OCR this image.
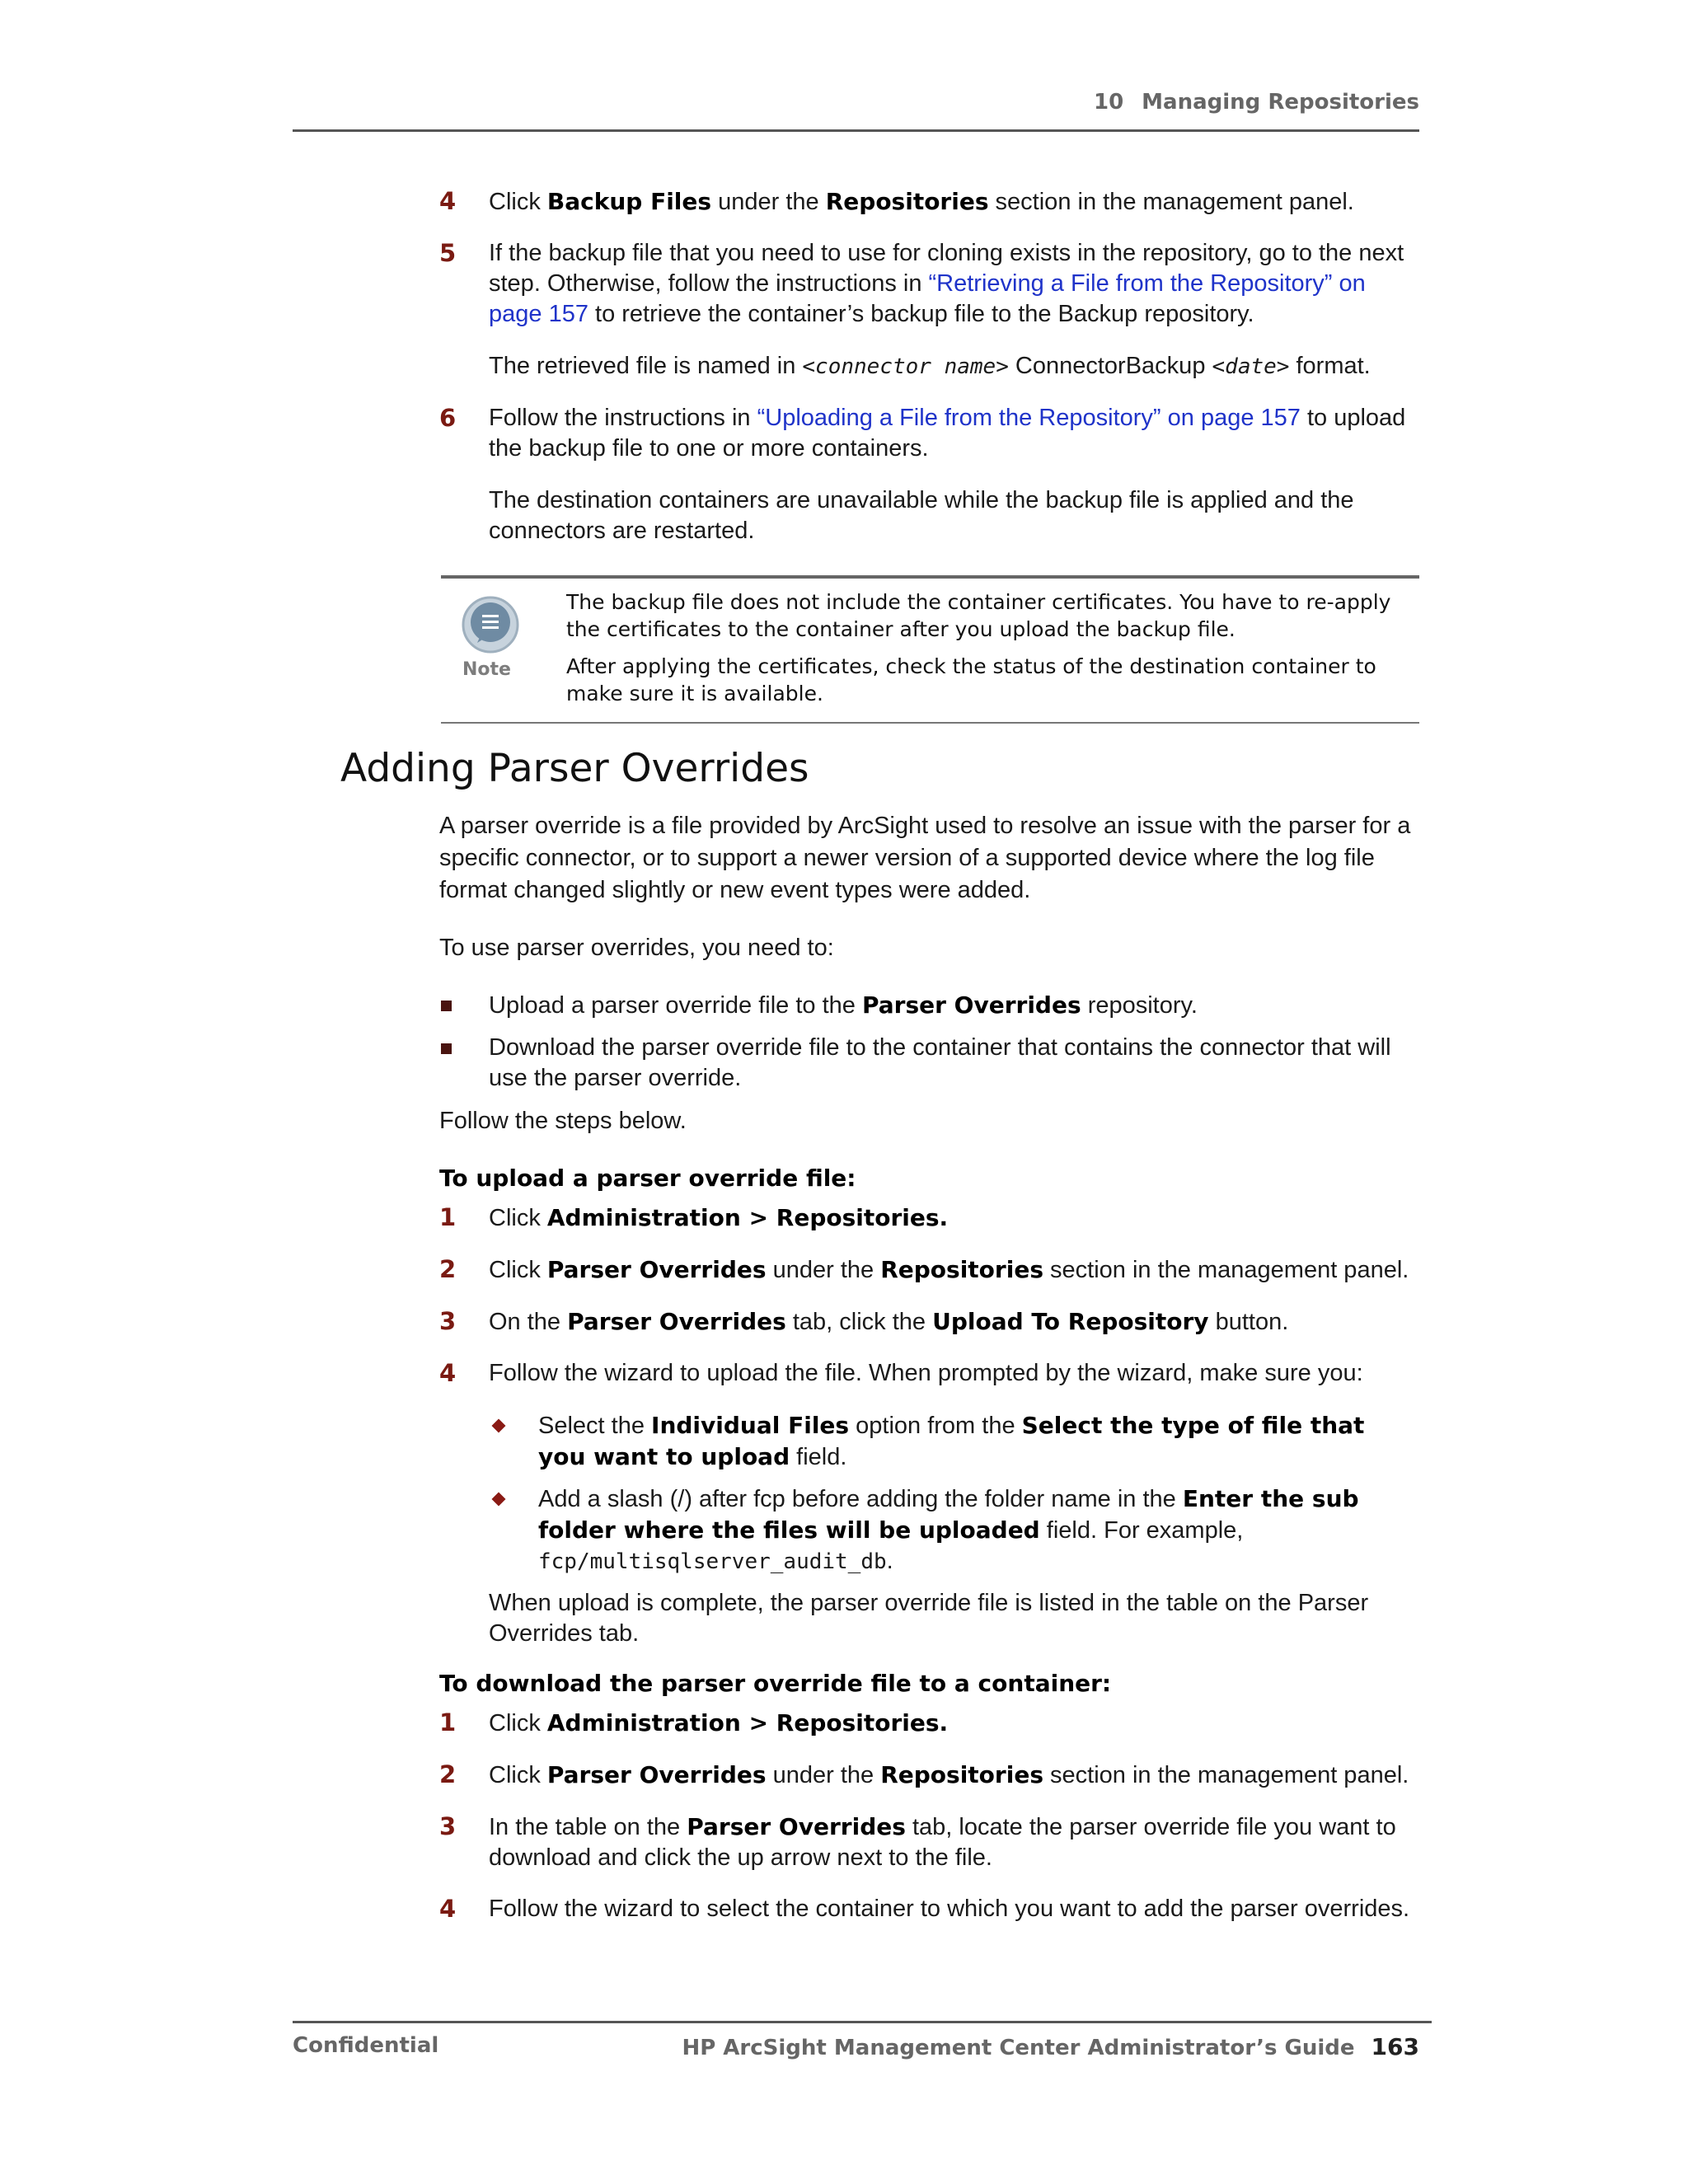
10 Managing Repositories
4 Click Backup Files under the Repositories section in the management panel.
5 If the backup file that you need to use for cloning exists in the repository, go to the next step. Otherwise, follow the instructions in “Retrieving a File from the Repository” on page 157 to retrieve the container’s backup file to the Backup repository.
The retrieved file is named in <connector name> ConnectorBackup <date> format.
6 Follow the instructions in “Uploading a File from the Repository” on page 157 to upload the backup file to one or more containers.
The destination containers are unavailable while the backup file is applied and the connectors are restarted.
Note

The backup file does not include the container certificates. You have to re-apply the certificates to the container after you upload the backup file.

After applying the certificates, check the status of the destination container to make sure it is available.

Adding Parser Overrides
A parser override is a file provided by ArcSight used to resolve an issue with the parser for a specific connector, or to support a newer version of a supported device where the log file format changed slightly or new event types were added.
To use parser overrides, you need to:
Upload a parser override file to the Parser Overrides repository.
Download the parser override file to the container that contains the connector that will use the parser override.
Follow the steps below.
To upload a parser override file:
1 Click Administration > Repositories.
2 Click Parser Overrides under the Repositories section in the management panel.
3 On the Parser Overrides tab, click the Upload To Repository button.
4 Follow the wizard to upload the file. When prompted by the wizard, make sure you:
Select the Individual Files option from the Select the type of file that you want to upload field.
Add a slash (/) after fcp before adding the folder name in the Enter the sub folder where the files will be uploaded field. For example, fcp/multisqlserver_audit_db.
When upload is complete, the parser override file is listed in the table on the Parser Overrides tab.
To download the parser override file to a container:
1 Click Administration > Repositories.
2 Click Parser Overrides under the Repositories section in the management panel.
3 In the table on the Parser Overrides tab, locate the parser override file you want to download and click the up arrow next to the file.
4 Follow the wizard to select the container to which you want to add the parser overrides.
Confidential	HP ArcSight Management Center Administrator’s Guide 163
